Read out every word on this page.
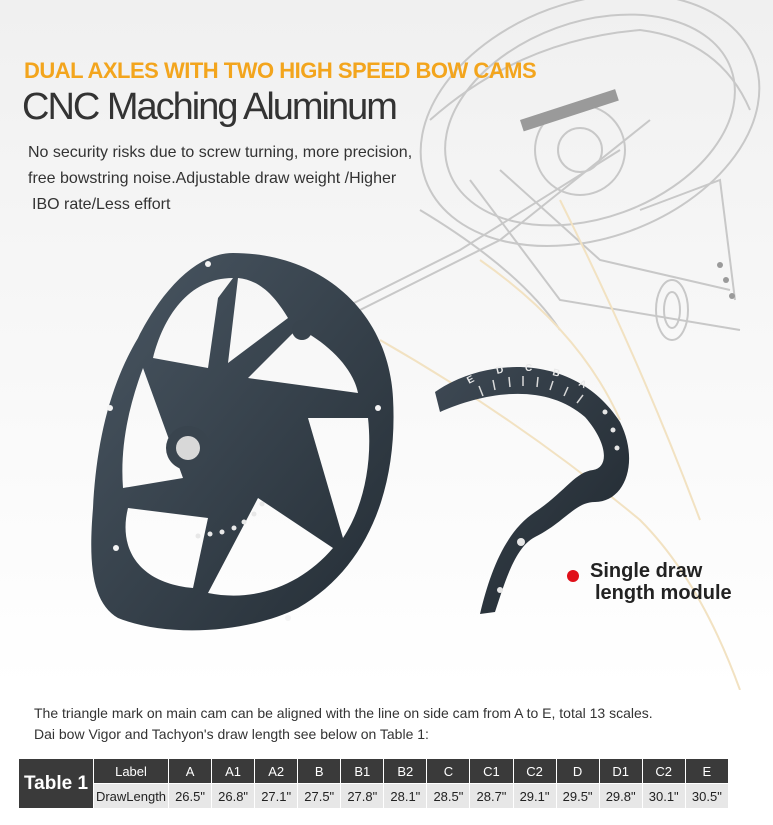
DUAL AXLES WITH TWO HIGH SPEED BOW CAMS
CNC Maching Aluminum

No security risks due to screw turning, more precision,
free bowstring noise.Adjustable draw weight /Higher
IBO rate/Less effort

E
D C B
A
Single draw
length module

The triangle mark on main cam can be aligned with the line on side cam from A to E, total 13 scales.
Dai bow Vigor and Tachyon's draw length see below on Table 1:

Table 1	Label	A	A1	A2	B	B1	B2	C	C1	C2	D	D1	C2	E
	DrawLength	26.5"	26.8"	27.1"	27.5"	27.8"	28.1"	28.5"	28.7"	29.1"	29.5"	29.8"	30.1"	30.5"
